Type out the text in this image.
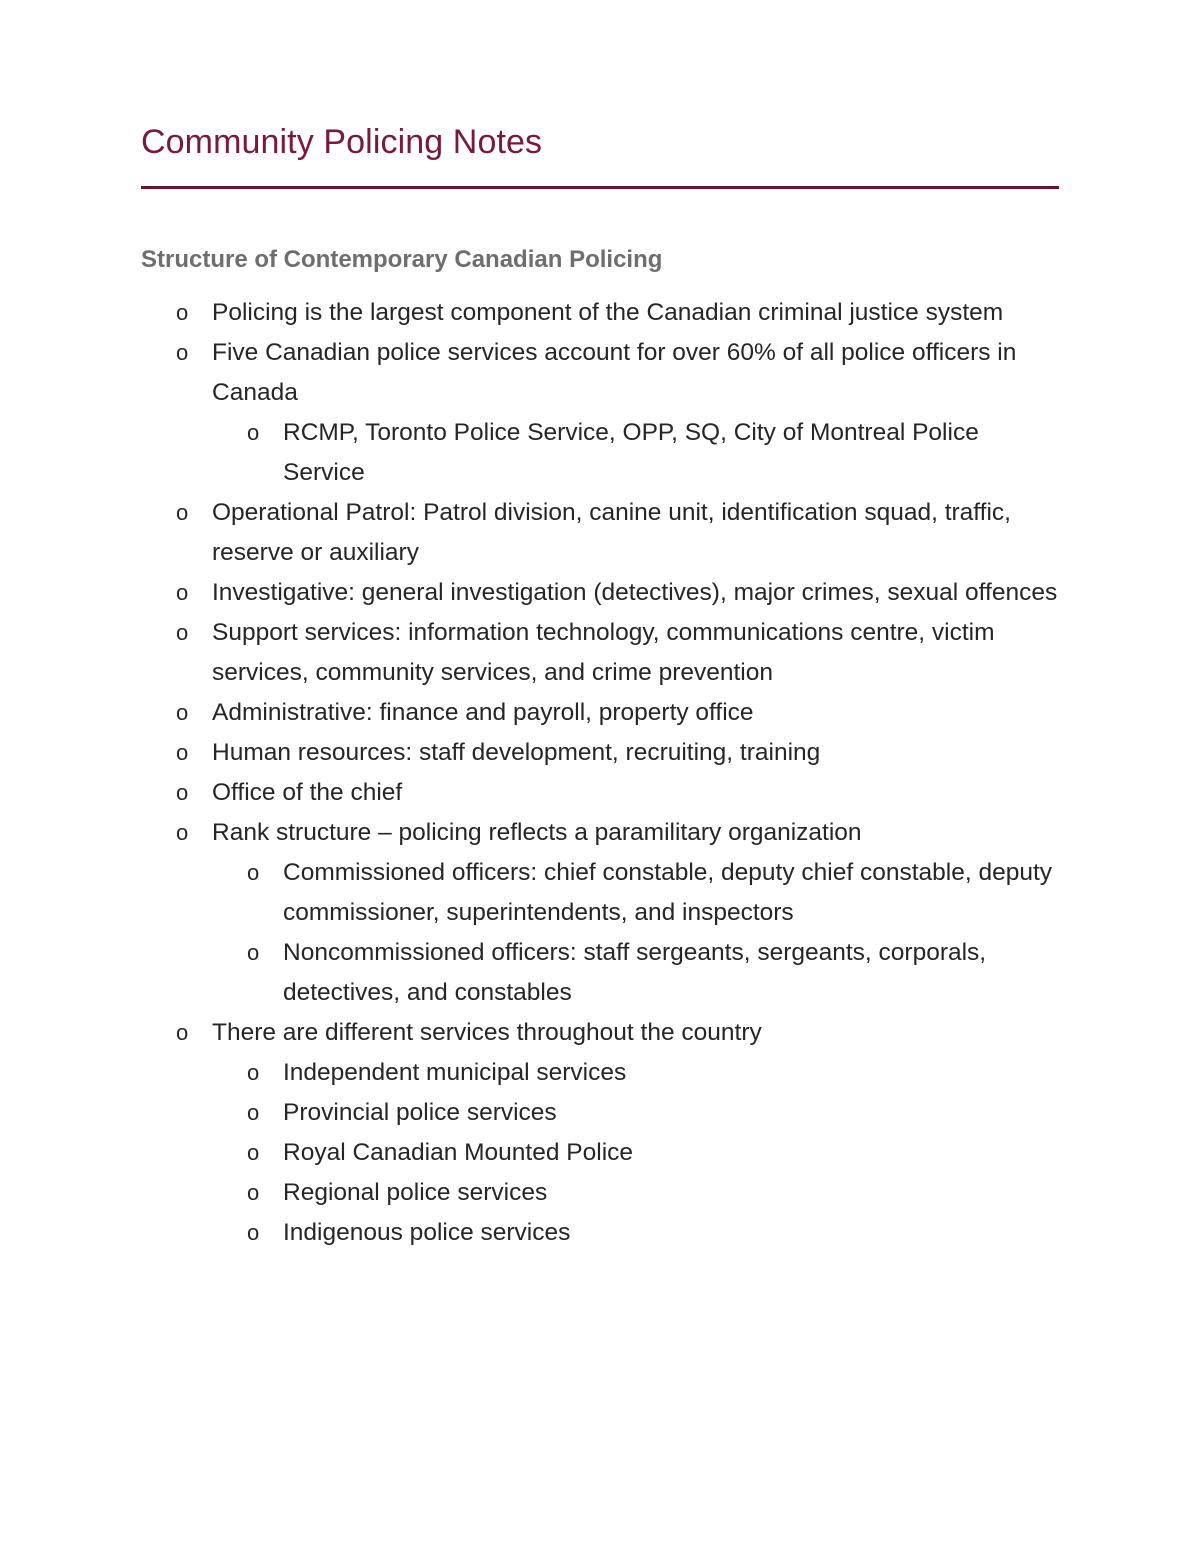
Community Policing Notes
Structure of Contemporary Canadian Policing
o Policing is the largest component of the Canadian criminal justice system
o Five Canadian police services account for over 60% of all police officers in Canada
o RCMP, Toronto Police Service, OPP, SQ, City of Montreal Police Service
o Operational Patrol: Patrol division, canine unit, identification squad, traffic, reserve or auxiliary
o Investigative: general investigation (detectives), major crimes, sexual offences
o Support services: information technology, communications centre, victim services, community services, and crime prevention
o Administrative: finance and payroll, property office
o Human resources: staff development, recruiting, training
o Office of the chief
o Rank structure – policing reflects a paramilitary organization
o Commissioned officers: chief constable, deputy chief constable, deputy commissioner, superintendents, and inspectors
o Noncommissioned officers: staff sergeants, sergeants, corporals, detectives, and constables
o There are different services throughout the country
o Independent municipal services
o Provincial police services
o Royal Canadian Mounted Police
o Regional police services
o Indigenous police services
